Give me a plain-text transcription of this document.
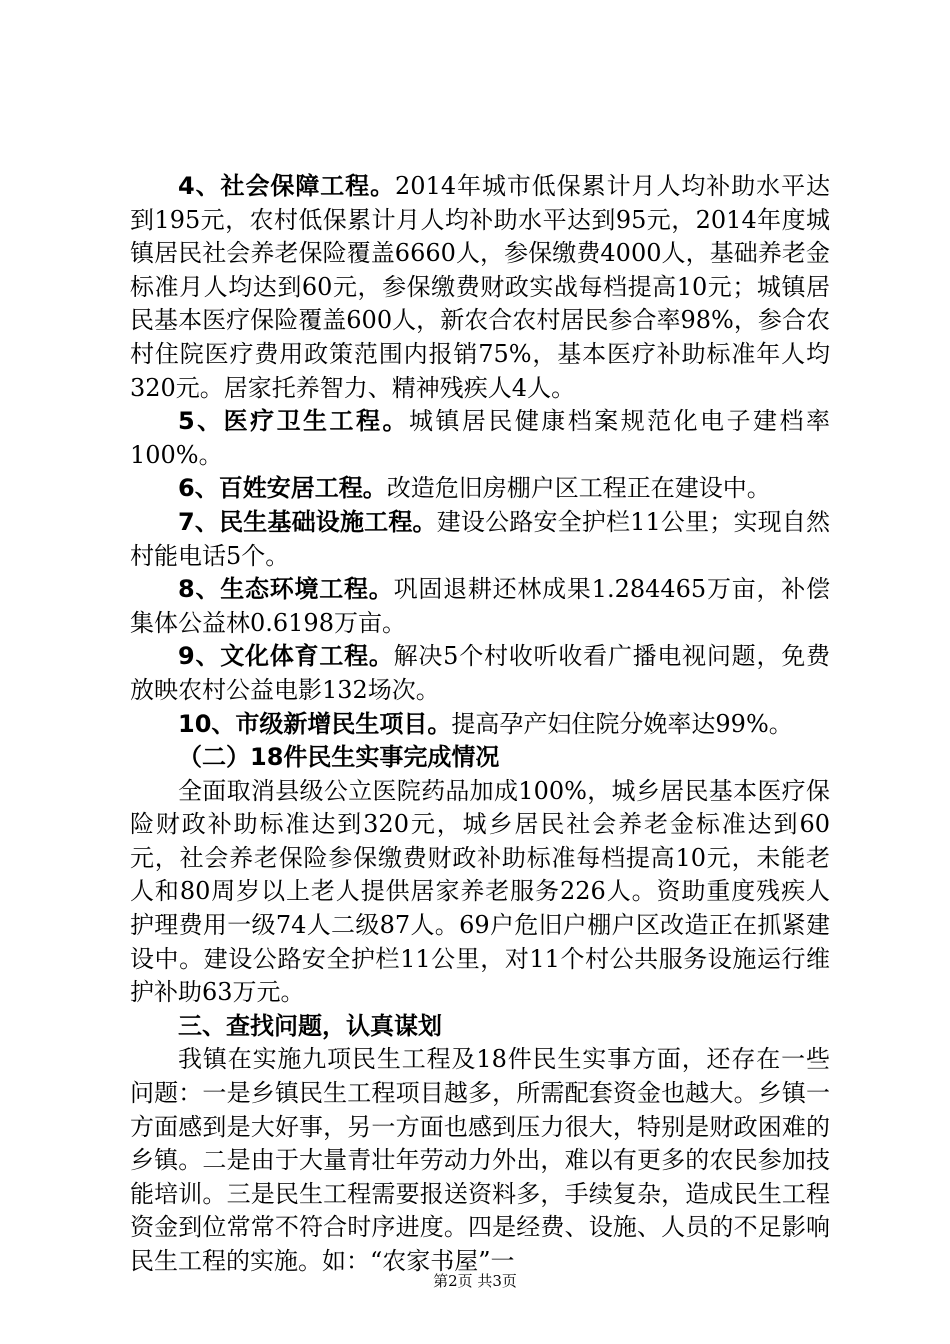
4、社会保障工程。2014年城市低保累计月人均补助水平达到195元，农村低保累计月人均补助水平达到95元，2014年度城镇居民社会养老保险覆盖6660人，参保缴费4000人，基础养老金标准月人均达到60元，参保缴费财政实战每档提高10元；城镇居民基本医疗保险覆盖600人，新农合农村居民参合率98%，参合农村住院医疗费用政策范围内报销75%，基本医疗补助标准年人均320元。居家托养智力、精神残疾人4人。

5、医疗卫生工程。城镇居民健康档案规范化电子建档率100%。

6、百姓安居工程。改造危旧房棚户区工程正在建设中。

7、民生基础设施工程。建设公路安全护栏11公里；实现自然村能电话5个。

8、生态环境工程。巩固退耕还林成果1.284465万亩，补偿集体公益林0.6198万亩。

9、文化体育工程。解决5个村收听收看广播电视问题，免费放映农村公益电影132场次。

10、市级新增民生项目。提高孕产妇住院分娩率达99%。

（二）18件民生实事完成情况

全面取消县级公立医院药品加成100%，城乡居民基本医疗保险财政补助标准达到320元，城乡居民社会养老金标准达到60元，社会养老保险参保缴费财政补助标准每档提高10元，未能老人和80周岁以上老人提供居家养老服务226人。资助重度残疾人护理费用一级74人二级87人。69户危旧户棚户区改造正在抓紧建设中。建设公路安全护栏11公里，对11个村公共服务设施运行维护补助63万元。

三、查找问题，认真谋划

我镇在实施九项民生工程及18件民生实事方面，还存在一些问题：一是乡镇民生工程项目越多，所需配套资金也越大。乡镇一方面感到是大好事，另一方面也感到压力很大，特别是财政困难的乡镇。二是由于大量青壮年劳动力外出，难以有更多的农民参加技能培训。三是民生工程需要报送资料多，手续复杂，造成民生工程资金到位常常不符合时序进度。四是经费、设施、人员的不足影响民生工程的实施。如：“农家书屋”一

第2页 共3页
